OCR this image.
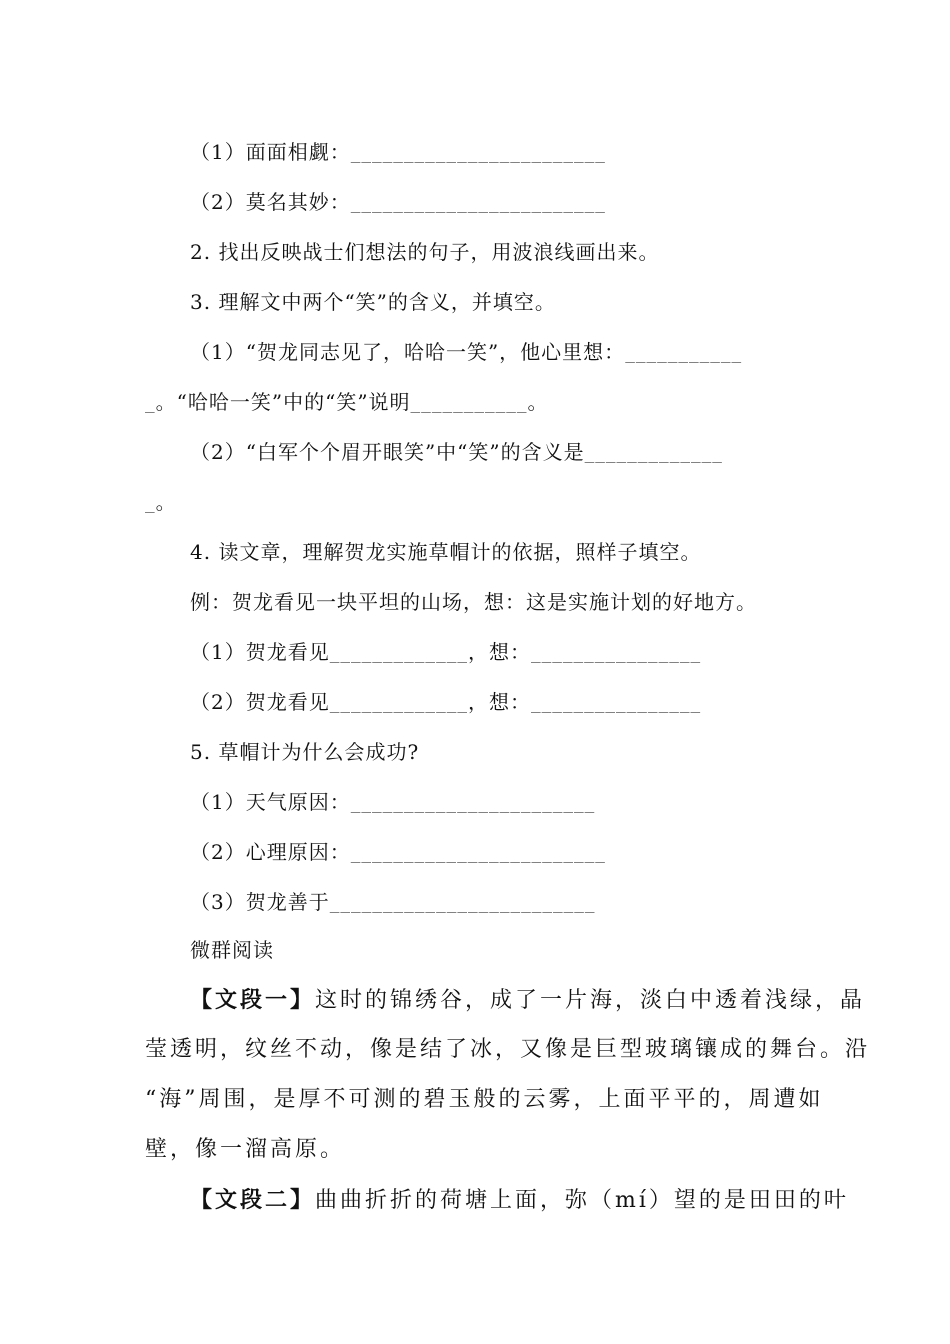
（1）面面相觑：________________________
（2）莫名其妙：________________________
2. 找出反映战士们想法的句子，用波浪线画出来。
3. 理解文中两个“笑”的含义，并填空。
（1）“贺龙同志见了，哈哈一笑”，他心里想：___________
_。“哈哈一笑”中的“笑”说明___________。
（2）“白军个个眉开眼笑”中“笑”的含义是_____________
_。
4. 读文章，理解贺龙实施草帽计的依据，照样子填空。
例：贺龙看见一块平坦的山场，想：这是实施计划的好地方。
（1）贺龙看见_____________，想：________________
（2）贺龙看见_____________，想：________________
5. 草帽计为什么会成功?
（1）天气原因：_______________________
（2）心理原因：________________________
（3）贺龙善于_________________________
微群阅读
【文段一】这时的锦绣谷，成了一片海，淡白中透着浅绿，晶
莹透明，纹丝不动，像是结了冰，又像是巨型玻璃镶成的舞台。沿
“海”周围，是厚不可测的碧玉般的云雾，上面平平的，周遭如
壁，像一溜高原。
【文段二】曲曲折折的荷塘上面，弥（mí）望的是田田的叶
